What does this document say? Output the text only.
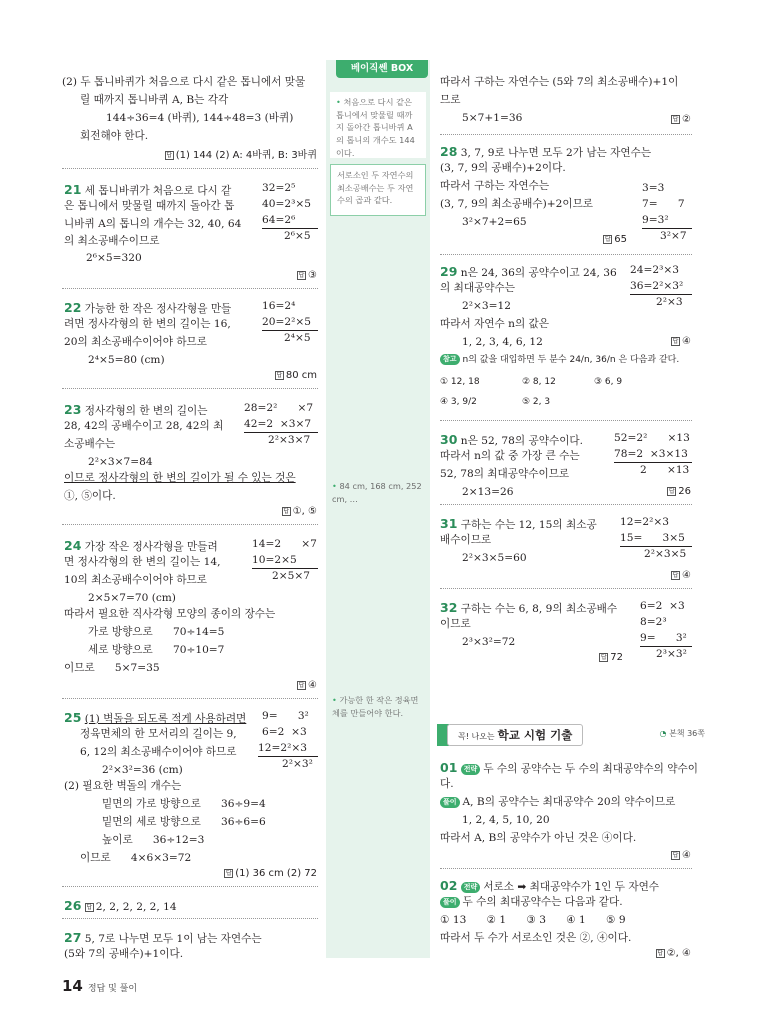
베이직쎈 BOX
• 처음으로 다시 같은 톱니에서 맞물릴 때까지 돌아간 톱니바퀴 A의 톱니의 개수도 144이다.
서로소인 두 자연수의 최소공배수는 두 자연수의 곱과 같다.
• 84 cm, 168 cm, 252 cm, …
• 가능한 한 작은 정육면체를 만들어야 한다.
(2) 두 톱니바퀴가 처음으로 다시 같은 톱니에서 맞물
릴 때까지 톱니바퀴 A, B는 각각
144÷36=4 (바퀴), 144÷48=3 (바퀴)
회전해야 한다.
답 (1) 144 (2) A: 4바퀴, B: 3바퀴
21 세 톱니바퀴가 처음으로 다시 같
은 톱니에서 맞물릴 때까지 돌아간 톱
니바퀴 A의 톱니의 개수는 32, 40, 64
의 최소공배수이므로
2⁶×5=320
32=2⁵
40=2³×5
64=2⁶
2⁶×5
답 ③
22 가능한 한 작은 정사각형을 만들
려면 정사각형의 한 변의 길이는 16,
20의 최소공배수이어야 하므로
2⁴×5=80 (cm)
16=2⁴
20=2²×5
2⁴×5
답 80 cm
23 정사각형의 한 변의 길이는
28, 42의 공배수이고 28, 42의 최
소공배수는
2²×3×7=84
이므로 정사각형의 한 변의 길이가 될 수 있는 것은
①, ⑤이다.
28=2²      ×7
42=2  ×3×7
2²×3×7
답 ①, ⑤
24 가장 작은 정사각형을 만들려
면 정사각형의 한 변의 길이는 14,
10의 최소공배수이어야 하므로
2×5×7=70 (cm)
따라서 필요한 직사각형 모양의 종이의 장수는
가로 방향으로      70÷14=5
세로 방향으로      70÷10=7
이므로      5×7=35
14=2      ×7
10=2×5
2×5×7
답 ④
25 (1) 벽돌을 되도록 적게 사용하려면
정육면체의 한 모서리의 길이는 9,
6, 12의 최소공배수이어야 하므로
2²×3²=36 (cm)
(2) 필요한 벽돌의 개수는
밑면의 가로 방향으로      36÷9=4
밑면의 세로 방향으로      36÷6=6
높이로      36÷12=3
이므로      4×6×3=72
9=      3²
6=2  ×3
12=2²×3
2²×3²
답 (1) 36 cm (2) 72
26 답 2, 2, 2, 2, 2, 14
27 5, 7로 나누면 모두 1이 남는 자연수는
(5와 7의 공배수)+1이다.
따라서 구하는 자연수는 (5와 7의 최소공배수)+1이
므로
5×7+1=36	답 ②
28 3, 7, 9로 나누면 모두 2가 남는 자연수는
(3, 7, 9의 공배수)+2이다.
따라서 구하는 자연수는
(3, 7, 9의 최소공배수)+2이므로
3²×7+2=65
3=3
7=      7
9=3²
3²×7
답 65
29 n은 24, 36의 공약수이고 24, 36
의 최대공약수는
2²×3=12
따라서 자연수 n의 값은
1, 2, 3, 4, 6, 12
24=2³×3
36=2²×3²
2²×3
답 ④
참고 n의 값을 대입하면 두 분수 24/n, 36/n 은 다음과 같다.
① 12, 18	② 8, 12	③ 6, 9
④ 3, 9/2	⑤ 2, 3
30 n은 52, 78의 공약수이다.
따라서 n의 값 중 가장 큰 수는
52, 78의 최대공약수이므로
2×13=26
52=2²      ×13
78=2  ×3×13
2      ×13
답 26
31 구하는 수는 12, 15의 최소공
배수이므로
2²×3×5=60
12=2²×3
15=      3×5
2²×3×5
답 ④
32 구하는 수는 6, 8, 9의 최소공배수
이므로
2³×3²=72
6=2  ×3
8=2³
9=      3²
2³×3²
답 72
꼭! 나오는 학교 시험 기출	◔ 본책 36쪽
01 전략 두 수의 공약수는 두 수의 최대공약수의 약수이
다.
풀이 A, B의 공약수는 최대공약수 20의 약수이므로
1, 2, 4, 5, 10, 20
따라서 A, B의 공약수가 아닌 것은 ④이다.
답 ④
02 전략 서로소 ➡ 최대공약수가 1인 두 자연수
풀이 두 수의 최대공약수는 다음과 같다.
① 13      ② 1      ③ 3      ④ 1      ⑤ 9
따라서 두 수가 서로소인 것은 ②, ④이다.
답 ②, ④
14 정답 및 풀이
